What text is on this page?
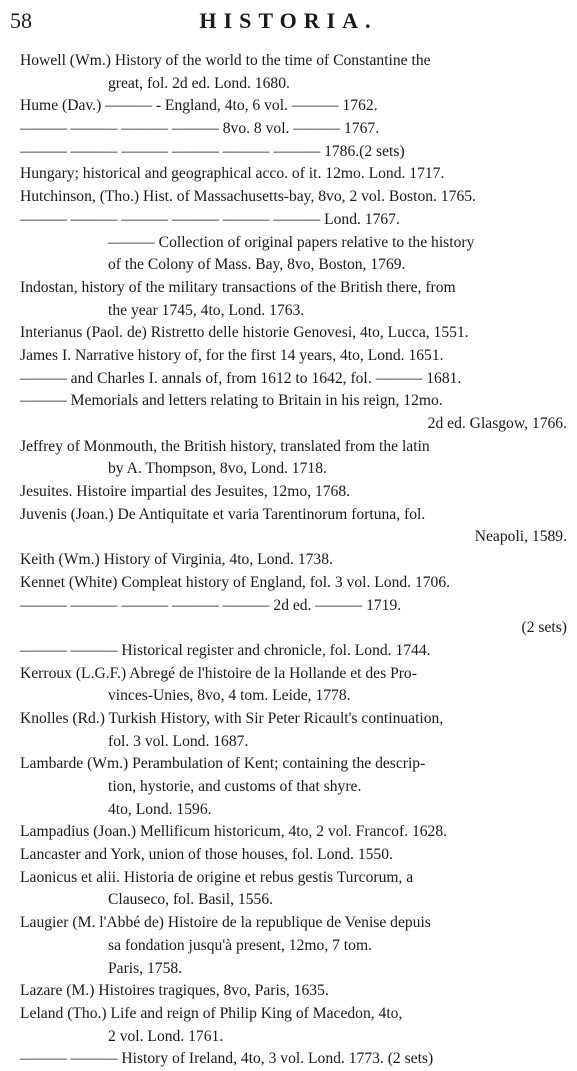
58	HISTORIA.
Howell (Wm.) History of the world to the time of Constantine the
great, fol. 2d ed. Lond. 1680.
Hume (Dav.) ——— - England, 4to, 6 vol. ——— 1762.
——— ——— ——— ——— 8vo. 8 vol. ——— 1767.
——— ——— ——— ——— ——— ——— 1786.(2 sets)
Hungary; historical and geographical acco. of it. 12mo. Lond. 1717.
Hutchinson, (Tho.) Hist. of Massachusetts-bay, 8vo, 2 vol. Boston. 1765.
——— ——— ——— ——— ——— ——— Lond. 1767.
——— Collection of original papers relative to the history
of the Colony of Mass. Bay, 8vo, Boston, 1769.
Indostan, history of the military transactions of the British there, from
the year 1745, 4to, Lond. 1763.
Interianus (Paol. de) Ristretto delle historie Genovesi, 4to, Lucca, 1551.
James I. Narrative history of, for the first 14 years, 4to, Lond. 1651.
——— and Charles I. annals of, from 1612 to 1642, fol. ——— 1681.
——— Memorials and letters relating to Britain in his reign, 12mo.
2d ed. Glasgow, 1766.
Jeffrey of Monmouth, the British history, translated from the latin
by A. Thompson, 8vo, Lond. 1718.
Jesuites. Histoire impartial des Jesuites, 12mo, 1768.
Juvenis (Joan.) De Antiquitate et varia Tarentinorum fortuna, fol.
Neapoli, 1589.
Keith (Wm.) History of Virginia, 4to, Lond. 1738.
Kennet (White) Compleat history of England, fol. 3 vol. Lond. 1706.
——— ——— ——— ——— ——— 2d ed. ——— 1719.
(2 sets)
——— ——— Historical register and chronicle, fol. Lond. 1744.
Kerroux (L.G.F.) Abregé de l'histoire de la Hollande et des Pro-
vinces-Unies, 8vo, 4 tom. Leide, 1778.
Knolles (Rd.) Turkish History, with Sir Peter Ricault's continuation,
fol. 3 vol. Lond. 1687.
Lambarde (Wm.) Perambulation of Kent; containing the descrip-
tion, hystorie, and customs of that shyre.
4to, Lond. 1596.
Lampadius (Joan.) Mellificum historicum, 4to, 2 vol. Francof. 1628.
Lancaster and York, union of those houses, fol. Lond. 1550.
Laonicus et alii. Historia de origine et rebus gestis Turcorum, a
Clauseco, fol. Basil, 1556.
Laugier (M. l'Abbé de) Histoire de la republique de Venise depuis
sa fondation jusqu'à present, 12mo, 7 tom.
Paris, 1758.
Lazare (M.) Histoires tragiques, 8vo, Paris, 1635.
Leland (Tho.) Life and reign of Philip King of Macedon, 4to,
2 vol. Lond. 1761.
——— ——— History of Ireland, 4to, 3 vol. Lond. 1773. (2 sets)
